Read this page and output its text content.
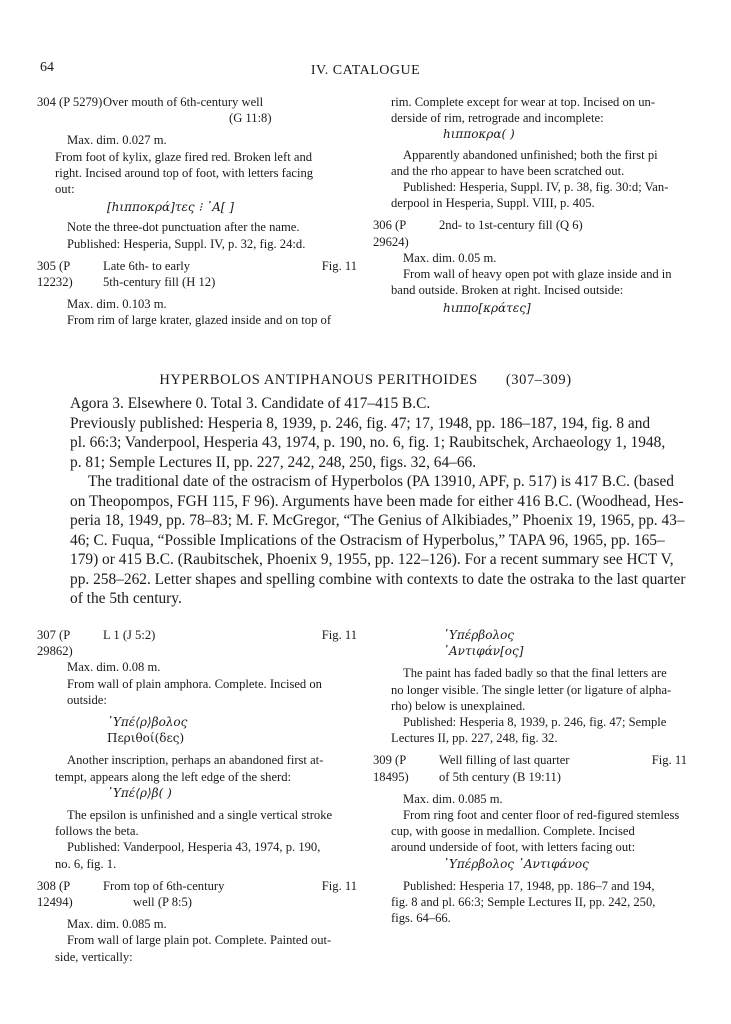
64	IV. CATALOGUE
304 (P 5279) Over mouth of 6th-century well
(G 11:8)

Max. dim. 0.027 m.

From foot of kylix, glaze fired red. Broken left and

right. Incised around top of foot, with letters facing

out:

[hιπποκρά]τες ⁝ ᾽Α[ ]

Note the three-dot punctuation after the name.

Published: Hesperia, Suppl. IV, p. 32, fig. 24:d.

305 (P 12232)
Late 6th- to early
5th-century fill (H 12)
Fig. 11

Max. dim. 0.103 m.

From rim of large krater, glazed inside and on top of

rim. Complete except for wear at top. Incised on un-

derside of rim, retrograde and incomplete:

hιπποκρα( )

Apparently abandoned unfinished; both the first pi

and the rho appear to have been scratched out.

Published: Hesperia, Suppl. IV, p. 38, fig. 30:d; Van-

derpool in Hesperia, Suppl. VIII, p. 405.

306 (P 29624)
2nd- to 1st-century fill (Q 6)

Max. dim. 0.05 m.

From wall of heavy open pot with glaze inside and in

band outside. Broken at right. Incised outside:

hιππο[κράτες]

HYPERBOLOS ANTIPHANOUS PERITHOIDES (307–309)

Agora 3. Elsewhere 0. Total 3. Candidate of 417–415 B.C.

Previously published: Hesperia 8, 1939, p. 246, fig. 47; 17, 1948, pp. 186–187, 194, fig. 8 and

pl. 66:3; Vanderpool, Hesperia 43, 1974, p. 190, no. 6, fig. 1; Raubitschek, Archaeology 1, 1948,

p. 81; Semple Lectures II, pp. 227, 242, 248, 250, figs. 32, 64–66.

The traditional date of the ostracism of Hyperbolos (PA 13910, APF, p. 517) is 417 B.C. (based

on Theopompos, FGH 115, F 96). Arguments have been made for either 416 B.C. (Woodhead, Hes-

peria 18, 1949, pp. 78–83; M. F. McGregor, “The Genius of Alkibiades,” Phoenix 19, 1965, pp. 43–

46; C. Fuqua, “Possible Implications of the Ostracism of Hyperbolus,” TAPA 96, 1965, pp. 165–

179) or 415 B.C. (Raubitschek, Phoenix 9, 1955, pp. 122–126). For a recent summary see HCT V,

pp. 258–262. Letter shapes and spelling combine with contexts to date the ostraka to the last quarter

of the 5th century.

307 (P 29862)
L 1 (J 5:2)	Fig. 11

Max. dim. 0.08 m.

From wall of plain amphora. Complete. Incised on

outside:

῾Υπέ⟨ρ⟩βολος

Περιθοί(δες)

Another inscription, perhaps an abandoned first at-

tempt, appears along the left edge of the sherd:

῾Υπέ⟨ρ⟩β( )

The epsilon is unfinished and a single vertical stroke

follows the beta.

Published: Vanderpool, Hesperia 43, 1974, p. 190,

no. 6, fig. 1.

308 (P 12494)
From top of 6th-century
well (P 8:5)
Fig. 11

Max. dim. 0.085 m.

From wall of large plain pot. Complete. Painted out-

side, vertically:

῾Υπέρβολος

᾽Αντιφάν[ος]

The paint has faded badly so that the final letters are

no longer visible. The single letter (or ligature of alpha-

rho) below is unexplained.

Published: Hesperia 8, 1939, p. 246, fig. 47; Semple

Lectures II, pp. 227, 248, fig. 32.

309 (P 18495)
Well filling of last quarter
of 5th century (B 19:11)
Fig. 11

Max. dim. 0.085 m.

From ring foot and center floor of red-figured stemless

cup, with goose in medallion. Complete. Incised

around underside of foot, with letters facing out:

῾Υπέρβολος ᾽Αντιφάνος

Published: Hesperia 17, 1948, pp. 186–7 and 194,

fig. 8 and pl. 66:3; Semple Lectures II, pp. 242, 250,

figs. 64–66.
